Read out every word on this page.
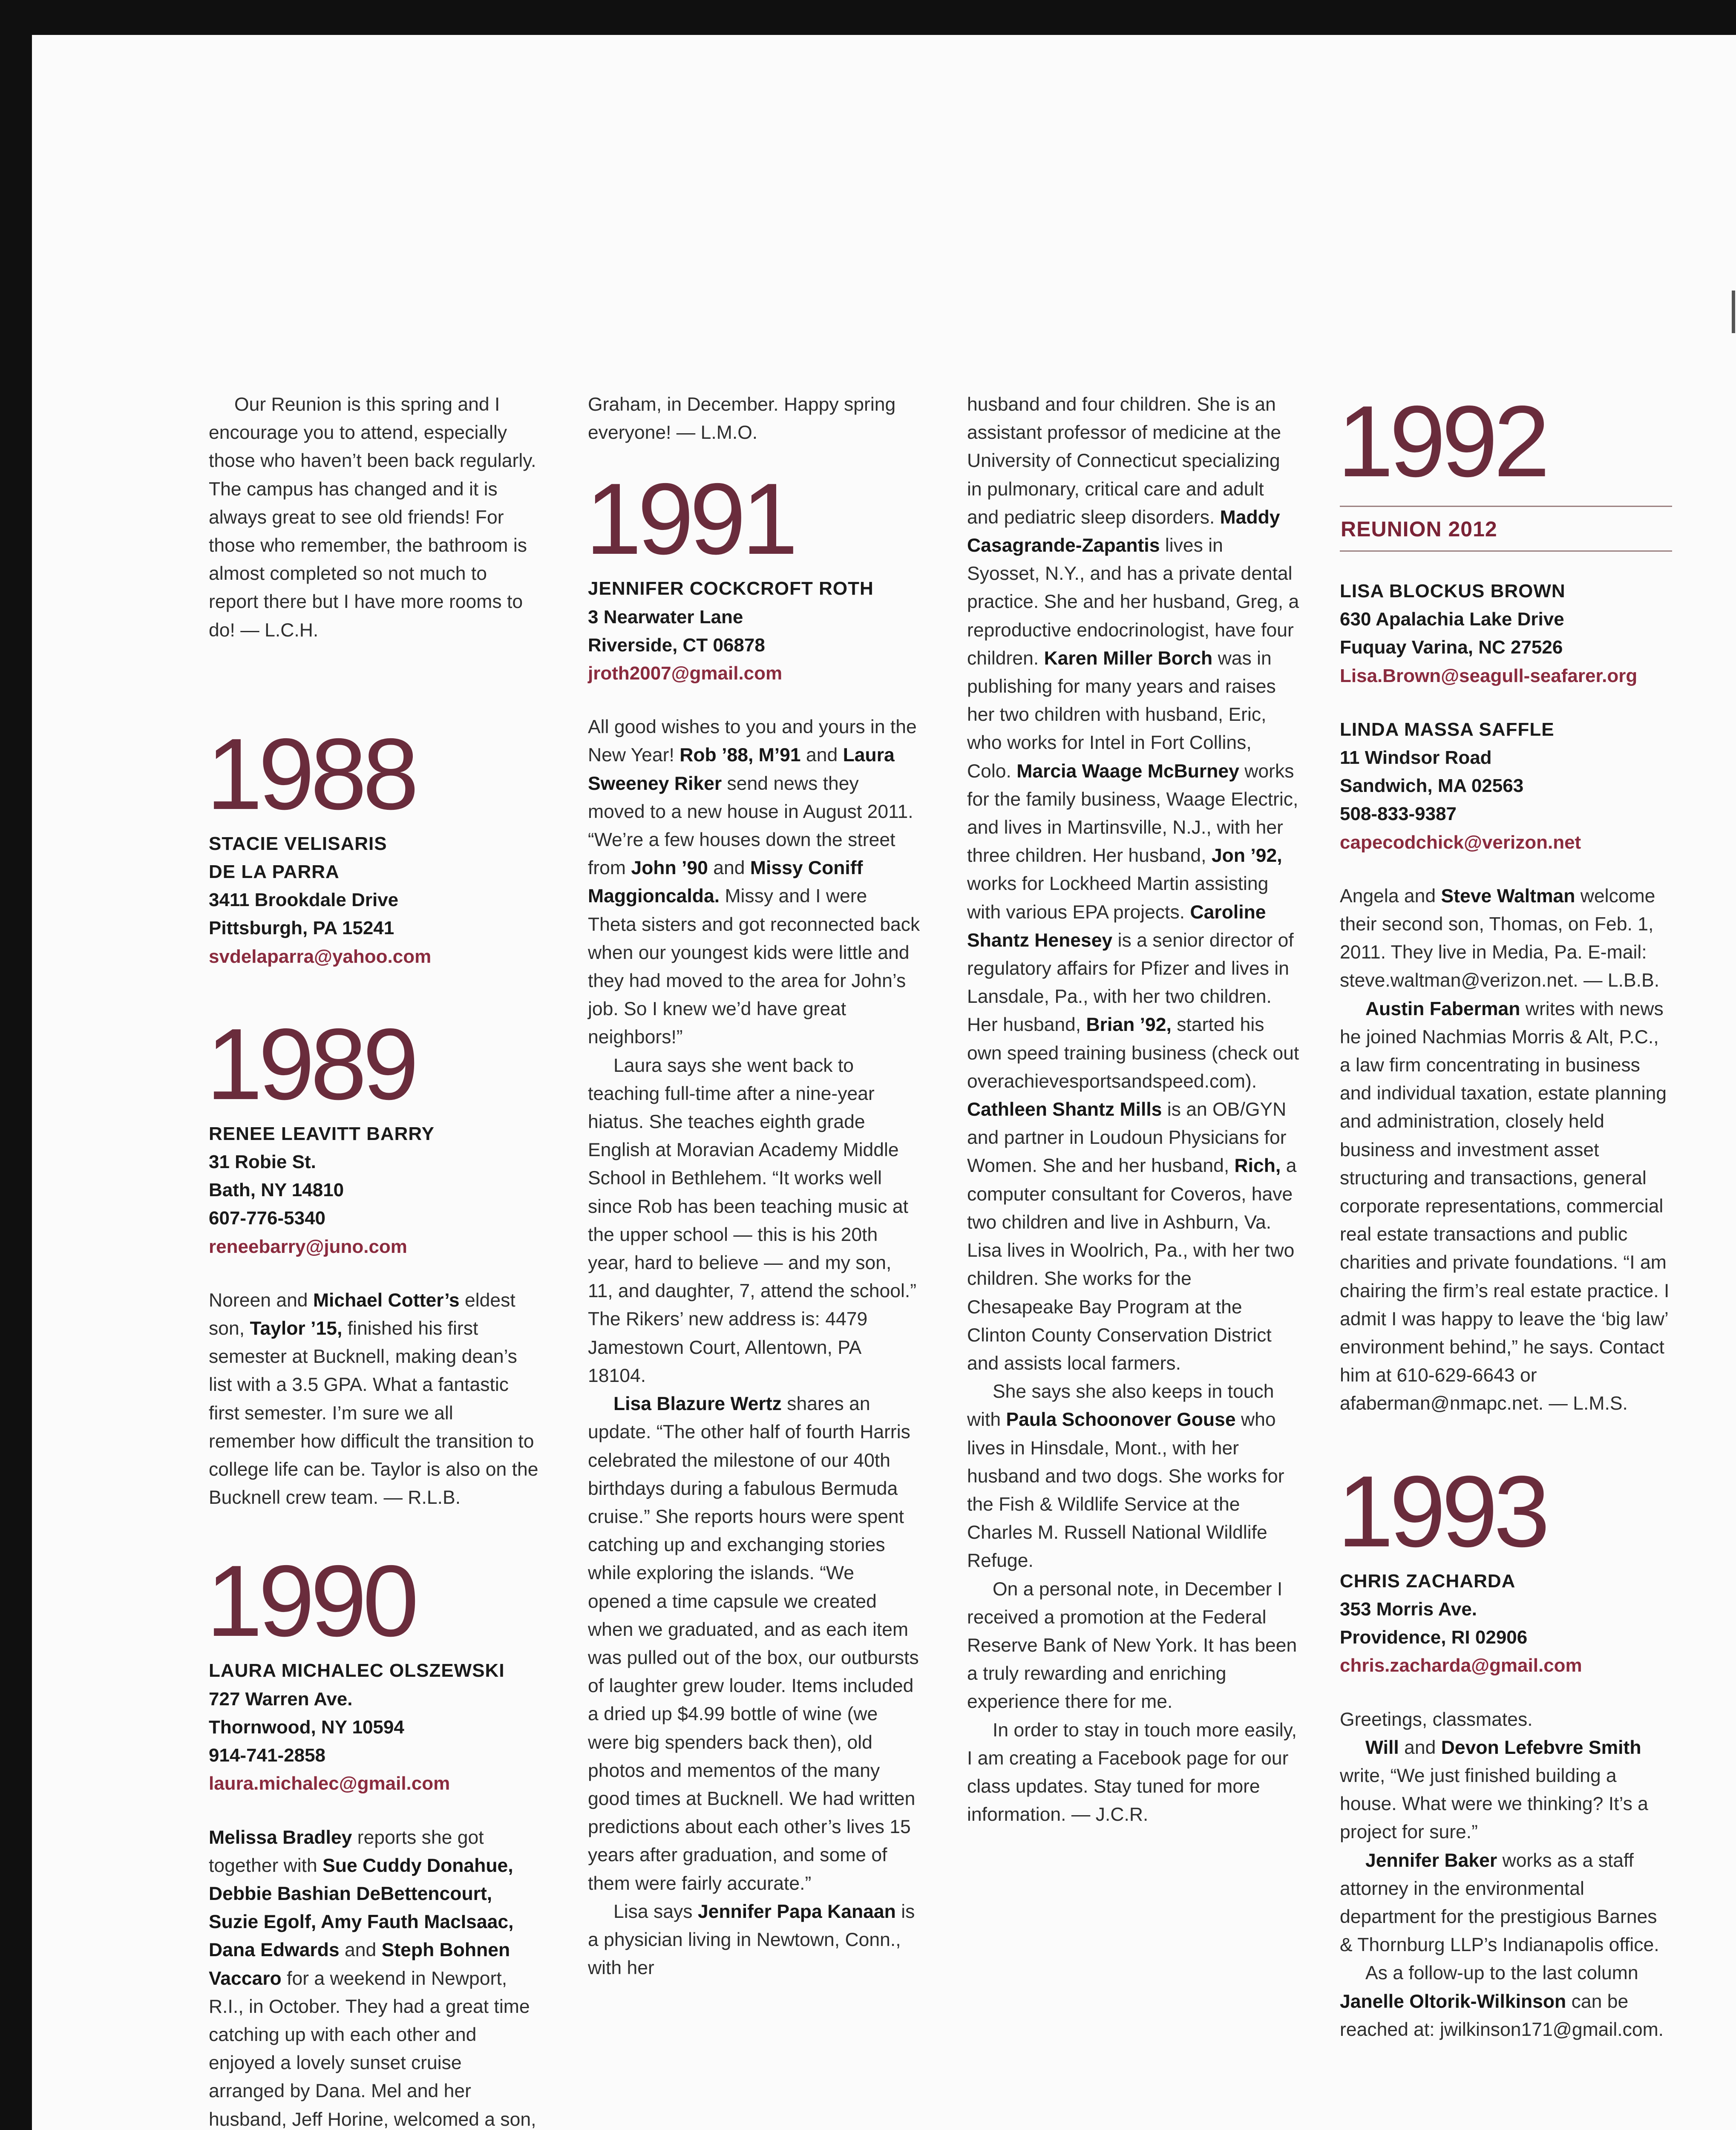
Our Reunion is this spring and I encourage you to attend, especially those who haven’t been back regularly. The campus has changed and it is always great to see old friends! For those who remember, the bathroom is almost completed so not much to report there but I have more rooms to do! — L.C.H.

1988
STACIE VELISARIS
DE LA PARRA
3411 Brookdale Drive
Pittsburgh, PA 15241
svdelaparra@yahoo.com
1989
RENEE LEAVITT BARRY
31 Robie St.
Bath, NY 14810
607-776-5340
reneebarry@juno.com

Noreen and Michael Cotter’s eldest son, Taylor ’15, finished his first semester at Bucknell, making dean’s list with a 3.5 GPA. What a fantastic first semester. I’m sure we all remember how difficult the transition to college life can be. Taylor is also on the Bucknell crew team. — R.L.B.

1990
LAURA MICHALEC OLSZEWSKI
727 Warren Ave.
Thornwood, NY 10594
914-741-2858
laura.michalec@gmail.com

Melissa Bradley reports she got together with Sue Cuddy Donahue, Debbie Bashian DeBettencourt, Suzie Egolf, Amy Fauth MacIsaac, Dana Edwards and Steph Bohnen Vaccaro for a weekend in Newport, R.I., in October. They had a great time catching up with each other and enjoyed a lovely sunset cruise arranged by Dana. Mel and her husband, Jeff Horine, welcomed a son,

Graham, in December. Happy spring everyone! — L.M.O.

1991
JENNIFER COCKCROFT ROTH
3 Nearwater Lane
Riverside, CT 06878
jroth2007@gmail.com

All good wishes to you and yours in the New Year! Rob ’88, M’91 and Laura Sweeney Riker send news they moved to a new house in August 2011. “We’re a few houses down the street from John ’90 and Missy Coniff Maggioncalda. Missy and I were Theta sisters and got reconnected back when our youngest kids were little and they had moved to the area for John’s job. So I knew we’d have great neighbors!”

Laura says she went back to teaching full-time after a nine-year hiatus. She teaches eighth grade English at Moravian Academy Middle School in Bethlehem. “It works well since Rob has been teaching music at the upper school — this is his 20th year, hard to believe — and my son, 11, and daughter, 7, attend the school.” The Rikers’ new address is: 4479 Jamestown Court, Allentown, PA 18104.

Lisa Blazure Wertz shares an update. “The other half of fourth Harris celebrated the milestone of our 40th birthdays during a fabulous Bermuda cruise.” She reports hours were spent catching up and exchanging stories while exploring the islands. “We opened a time capsule we created when we graduated, and as each item was pulled out of the box, our outbursts of laughter grew louder. Items included a dried up $4.99 bottle of wine (we were big spenders back then), old photos and mementos of the many good times at Bucknell. We had written predictions about each other’s lives 15 years after graduation, and some of them were fairly accurate.”

Lisa says Jennifer Papa Kanaan is a physician living in Newtown, Conn., with her

husband and four children. She is an assistant professor of medicine at the University of Connecticut specializing in pulmonary, critical care and adult and pediatric sleep disorders. Maddy Casagrande-Zapantis lives in Syosset, N.Y., and has a private dental practice. She and her husband, Greg, a reproductive endocrinologist, have four children. Karen Miller Borch was in publishing for many years and raises her two children with husband, Eric, who works for Intel in Fort Collins, Colo. Marcia Waage McBurney works for the family business, Waage Electric, and lives in Martinsville, N.J., with her three children. Her husband, Jon ’92, works for Lockheed Martin assisting with various EPA projects. Caroline Shantz Henesey is a senior director of regulatory affairs for Pfizer and lives in Lansdale, Pa., with her two children. Her husband, Brian ’92, started his own speed training business (check out overachievesportsandspeed.com). Cathleen Shantz Mills is an OB/GYN and partner in Loudoun Physicians for Women. She and her husband, Rich, a computer consultant for Coveros, have two children and live in Ashburn, Va. Lisa lives in Woolrich, Pa., with her two children. She works for the Chesapeake Bay Program at the Clinton County Conservation District and assists local farmers.

She says she also keeps in touch with Paula Schoonover Gouse who lives in Hinsdale, Mont., with her husband and two dogs. She works for the Fish & Wildlife Service at the Charles M. Russell National Wildlife Refuge.

On a personal note, in December I received a promotion at the Federal Reserve Bank of New York. It has been a truly rewarding and enriching experience there for me.

In order to stay in touch more easily, I am creating a Facebook page for our class updates. Stay tuned for more information. — J.C.R.

1992
REUNION 2012
LISA BLOCKUS BROWN
630 Apalachia Lake Drive
Fuquay Varina, NC 27526
Lisa.Brown@seagull-seafarer.org
LINDA MASSA SAFFLE
11 Windsor Road
Sandwich, MA 02563
508-833-9387
capecodchick@verizon.net

Angela and Steve Waltman welcome their second son, Thomas, on Feb. 1, 2011. They live in Media, Pa. E-mail: steve.waltman@verizon.net. — L.B.B.

Austin Faberman writes with news he joined Nachmias Morris & Alt, P.C., a law firm concentrating in business and individual taxation, estate planning and administration, closely held business and investment asset structuring and transactions, general corporate representations, commercial real estate transactions and public charities and private foundations. “I am chairing the firm’s real estate practice. I admit I was happy to leave the ‘big law’ environment behind,” he says. Contact him at 610-629-6643 or afaberman@nmapc.net. — L.M.S.

1993
CHRIS ZACHARDA
353 Morris Ave.
Providence, RI 02906
chris.zacharda@gmail.com

Greetings, classmates.

Will and Devon Lefebvre Smith write, “We just finished building a house. What were we thinking? It’s a project for sure.”

Jennifer Baker works as a staff attorney in the environmental department for the prestigious Barnes & Thornburg LLP’s Indianapolis office.

As a follow-up to the last column Janelle Oltorik-Wilkinson can be reached at: jwilkinson171@gmail.com.
